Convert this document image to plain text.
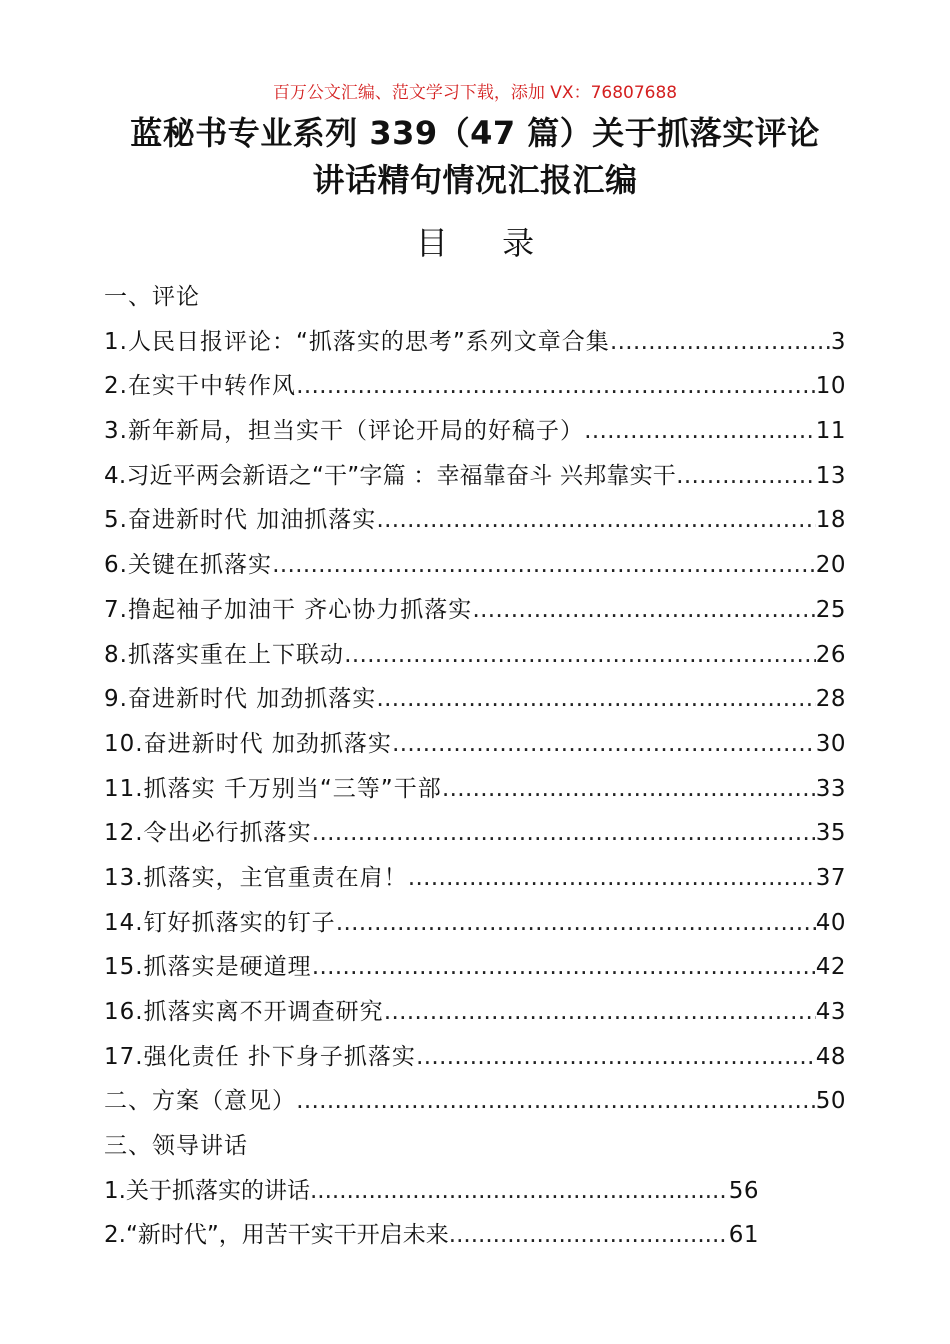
百万公文汇编、范文学习下载，添加 VX：76807688
蓝秘书专业系列 339（47 篇）关于抓落实评论
讲话精句情况汇报汇编
目 录
一、评论
1.人民日报评论：“抓落实的思考”系列文章合集 …………………………………………………………………………………………………………………………………………………………	3
2.在实干中转作风 …………………………………………………………………………………………………………………………………………………………	10
3.新年新局，担当实干（评论开局的好稿子） …………………………………………………………………………………………………………………………………………………………	11
4.习近平两会新语之“干”字篇 ：幸福靠奋斗 兴邦靠实干 …………………………………………………………………………………………………………………………………………………………	13
5.奋进新时代 加油抓落实 …………………………………………………………………………………………………………………………………………………………	18
6.关键在抓落实 …………………………………………………………………………………………………………………………………………………………	20
7.撸起袖子加油干 齐心协力抓落实 …………………………………………………………………………………………………………………………………………………………	25
8.抓落实重在上下联动 …………………………………………………………………………………………………………………………………………………………	26
9.奋进新时代 加劲抓落实 …………………………………………………………………………………………………………………………………………………………	28
10.奋进新时代 加劲抓落实 …………………………………………………………………………………………………………………………………………………………	30
11.抓落实 千万别当“三等”干部 …………………………………………………………………………………………………………………………………………………………	33
12.令出必行抓落实 …………………………………………………………………………………………………………………………………………………………	35
13.抓落实，主官重责在肩！ …………………………………………………………………………………………………………………………………………………………	37
14.钉好抓落实的钉子 …………………………………………………………………………………………………………………………………………………………	40
15.抓落实是硬道理 …………………………………………………………………………………………………………………………………………………………	42
16.抓落实离不开调查研究 …………………………………………………………………………………………………………………………………………………………	43
17.强化责任 扑下身子抓落实 …………………………………………………………………………………………………………………………………………………………	48
二、方案（意见） …………………………………………………………………………………………………………………………………………………………	50
三、领导讲话
1.关于抓落实的讲话 .....	56
2.“新时代”，用苦干实干开启未来 .....	61
